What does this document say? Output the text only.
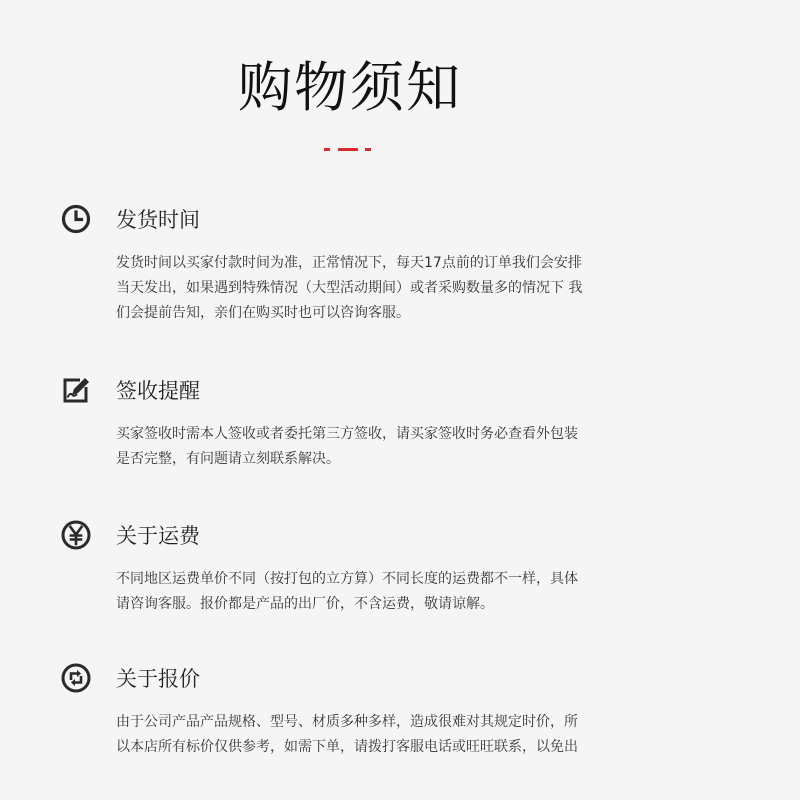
购物须知
发货时间
发货时间以买家付款时间为准，正常情况下，每天17点前的订单我们会安排
当天发出，如果遇到特殊情况（大型活动期间）或者采购数量多的情况下 我
们会提前告知，亲们在购买时也可以咨询客服。
签收提醒
买家签收时需本人签收或者委托第三方签收，请买家签收时务必查看外包装
是否完整，有问题请立刻联系解决。
关于运费
不同地区运费单价不同（按打包的立方算）不同长度的运费都不一样，具体
请咨询客服。报价都是产品的出厂价，不含运费，敬请谅解。
关于报价
由于公司产品产品规格、型号、材质多种多样，造成很难对其规定时价，所
以本店所有标价仅供参考，如需下单，请拨打客服电话或旺旺联系，以免出
